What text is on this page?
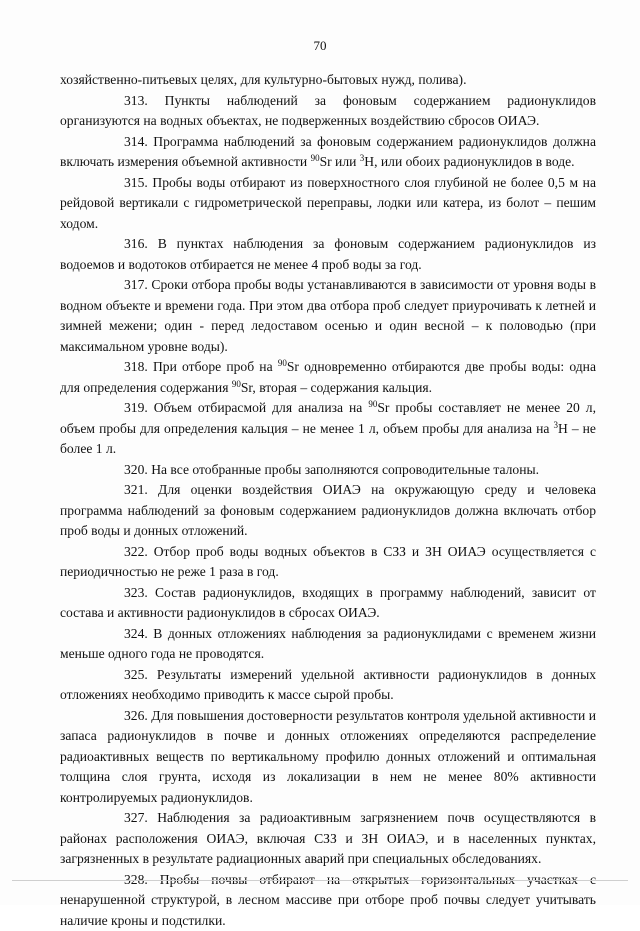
70

хозяйственно-питьевых целях, для культурно-бытовых нужд, полива).

313. Пункты наблюдений за фоновым содержанием радионуклидов организуются на водных объектах, не подверженных воздействию сбросов ОИАЭ.

314. Программа наблюдений за фоновым содержанием радионуклидов должна включать измерения объемной активности $^{90}$Sr или $^3$Н, или обоих радионуклидов в воде.

315. Пробы воды отбирают из поверхностного слоя глубиной не более 0,5 м на рейдовой вертикали с гидрометрической переправы, лодки или катера, из болот – пешим ходом.

316. В пунктах наблюдения за фоновым содержанием радионуклидов из водоемов и водотоков отбирается не менее 4 проб воды за год.

317. Сроки отбора пробы воды устанавливаются в зависимости от уровня воды в водном объекте и времени года. При этом два отбора проб следует приурочивать к летней и зимней межени; один - перед ледоставом осенью и один весной – к половодью (при максимальном уровне воды).

318. При отборе проб на $^{90}$Sr одновременно отбираются две пробы воды: одна для определения содержания $^{90}$Sr, вторая – содержания кальция.

319. Объем отбирасмой для анализа на $^{90}$Sr пробы составляет не менее 20 л, объем пробы для определения кальция – не менее 1 л, объем пробы для анализа на $^3$Н – не более 1 л.

320. На все отобранные пробы заполняются сопроводительные талоны.

321. Для оценки воздействия ОИАЭ на окружающую среду и человека программа наблюдений за фоновым содержанием радионуклидов должна включать отбор проб воды и донных отложений.

322. Отбор проб воды водных объектов в СЗЗ и ЗН ОИАЭ осуществляется с периодичностью не реже 1 раза в год.

323. Состав радионуклидов, входящих в программу наблюдений, зависит от состава и активности радионуклидов в сбросах ОИАЭ.

324. В донных отложениях наблюдения за радионуклидами с временем жизни меньше одного года не проводятся.

325. Результаты измерений удельной активности радионуклидов в донных отложениях необходимо приводить к массе сырой пробы.

326. Для повышения достоверности результатов контроля удельной активности и запаса радионуклидов в почве и донных отложениях определяются распределение радиоактивных веществ по вертикальному профилю донных отложений и оптимальная толщина слоя грунта, исходя из локализации в нем не менее 80% активности контролируемых радионуклидов.

327. Наблюдения за радиоактивным загрязнением почв осуществляются в районах расположения ОИАЭ, включая СЗЗ и ЗН ОИАЭ, и в населенных пунктах, загрязненных в результате радиационных аварий при специальных обследованиях.

328. Пробы почвы отбирают на открытых горизонтальных участках с ненарушенной структурой, в лесном массиве при отборе проб почвы следует учитывать наличие кроны и подстилки.
